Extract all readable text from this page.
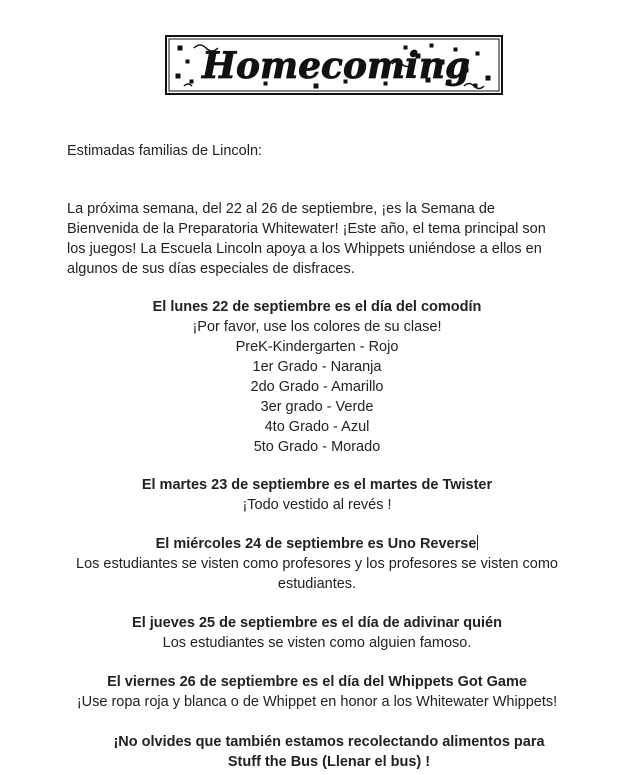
Homecoming

Estimadas familias de Lincoln:

La próxima semana, del 22 al 26 de septiembre, ¡es la Semana de Bienvenida de la Preparatoria Whitewater! ¡Este año, el tema principal son los juegos! La Escuela Lincoln apoya a los Whippets uniéndose a ellos en algunos de sus días especiales de disfraces.

El lunes 22 de septiembre es el día del comodín

¡Por favor, use los colores de su clase!

PreK-Kindergarten - Rojo

1er Grado - Naranja

2do Grado - Amarillo

3er grado - Verde

4to Grado - Azul

5to Grado - Morado

El martes 23 de septiembre es el martes de Twister

¡Todo vestido al revés !

El miércoles 24 de septiembre es Uno Reverse

Los estudiantes se visten como profesores y los profesores se visten como estudiantes.

El jueves 25 de septiembre es el día de adivinar quién

Los estudiantes se visten como alguien famoso.

El viernes 26 de septiembre es el día del Whippets Got Game

¡Use ropa roja y blanca o de Whippet en honor a los Whitewater Whippets!

¡No olvides que también estamos recolectando alimentos para

Stuff the Bus (Llenar el bus) !
